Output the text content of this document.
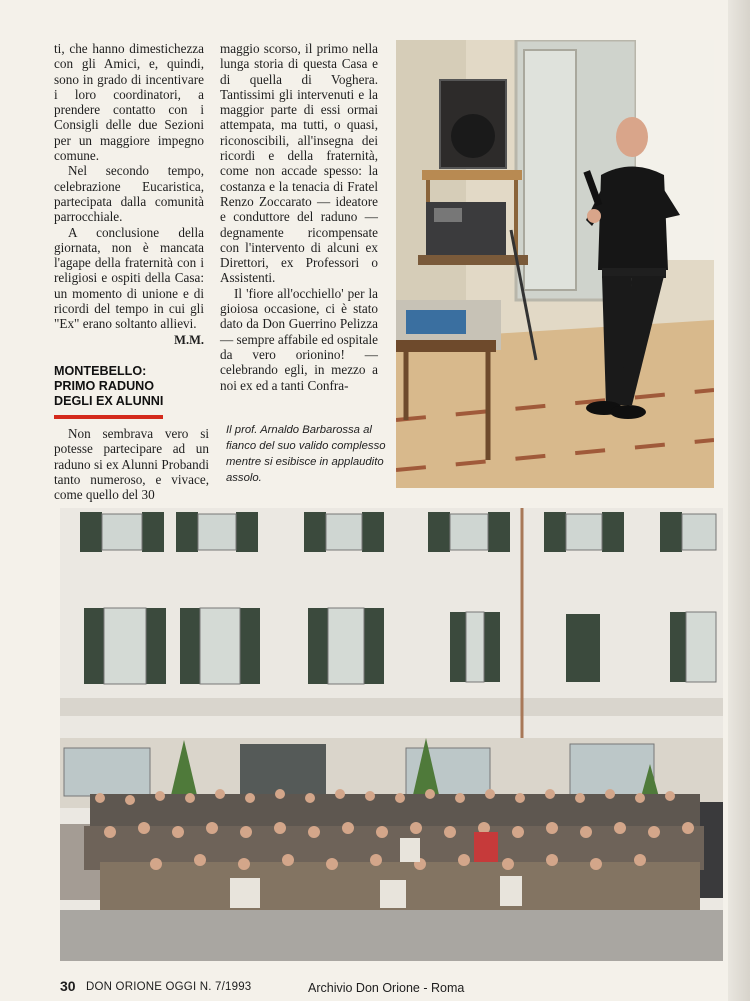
ti, che hanno dimestichezza con gli Amici, e, quindi, sono in grado di incentivare i loro coordinatori, a prendere contatto con i Consigli delle due Sezioni per un maggiore impegno comune.

Nel secondo tempo, celebrazione Eucaristica, partecipata dalla comunità parrocchiale.

A conclusione della giornata, non è mancata l'agape della fraternità con i religiosi e ospiti della Casa: un momento di unione e di ricordi del tempo in cui gli "Ex" erano soltanto allievi.

M.M.

MONTEBELLO:
PRIMO RADUNO
DEGLI EX ALUNNI

Non sembrava vero si potesse partecipare ad un raduno si ex Alunni Probandi tanto numeroso, e vivace, come quello del 30

maggio scorso, il primo nella lunga storia di questa Casa e di quella di Voghera. Tantissimi gli intervenuti e la maggior parte di essi ormai attempata, ma tutti, o quasi, riconoscibili, all'insegna dei ricordi e della fraternità, come non accade spesso: la costanza e la tenacia di Fratel Renzo Zoccarato — ideatore e conduttore del raduno — degnamente ricompensate con l'intervento di alcuni ex Direttori, ex Professori o Assistenti.

Il 'fiore all'occhiello' per la gioiosa occasione, ci è stato dato da Don Guerrino Pelizza — sempre affabile ed ospitale da vero orionino! — celebrando egli, in mezzo a noi ex ed a tanti Confra-

Il prof. Arnaldo Barbarossa al fianco del suo valido complesso mentre si esibisce in applaudito assolo.
30 DON ORIONE OGGI N. 7/1993	Archivio Don Orione - Roma
